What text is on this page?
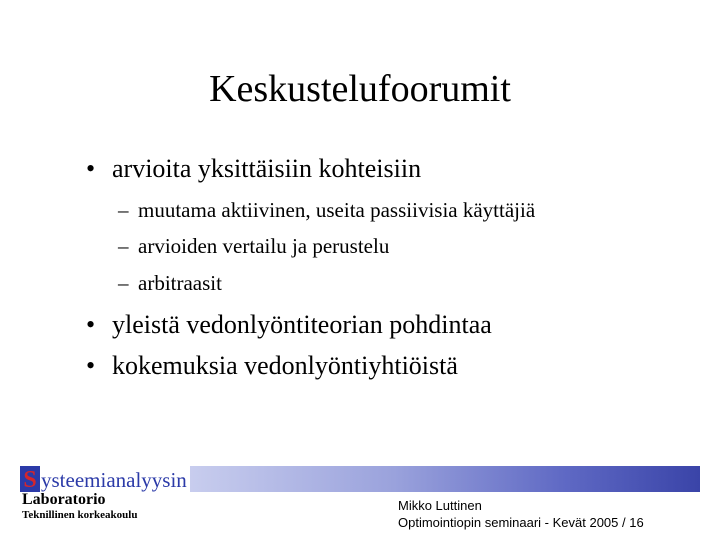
Keskustelufoorumit
• arvioita yksittäisiin kohteisiin
– muutama aktiivinen, useita passiivisia käyttäjiä
– arvioiden vertailu ja perustelu
– arbitraasit
• yleistä vedonlyöntiteorian pohdintaa
• kokemuksia vedonlyöntiyhtiöistä
S ysteemianalyysin
Laboratorio
Teknillinen korkeakoulu
Mikko Luttinen
Optimointiopin seminaari - Kevät 2005 / 16
